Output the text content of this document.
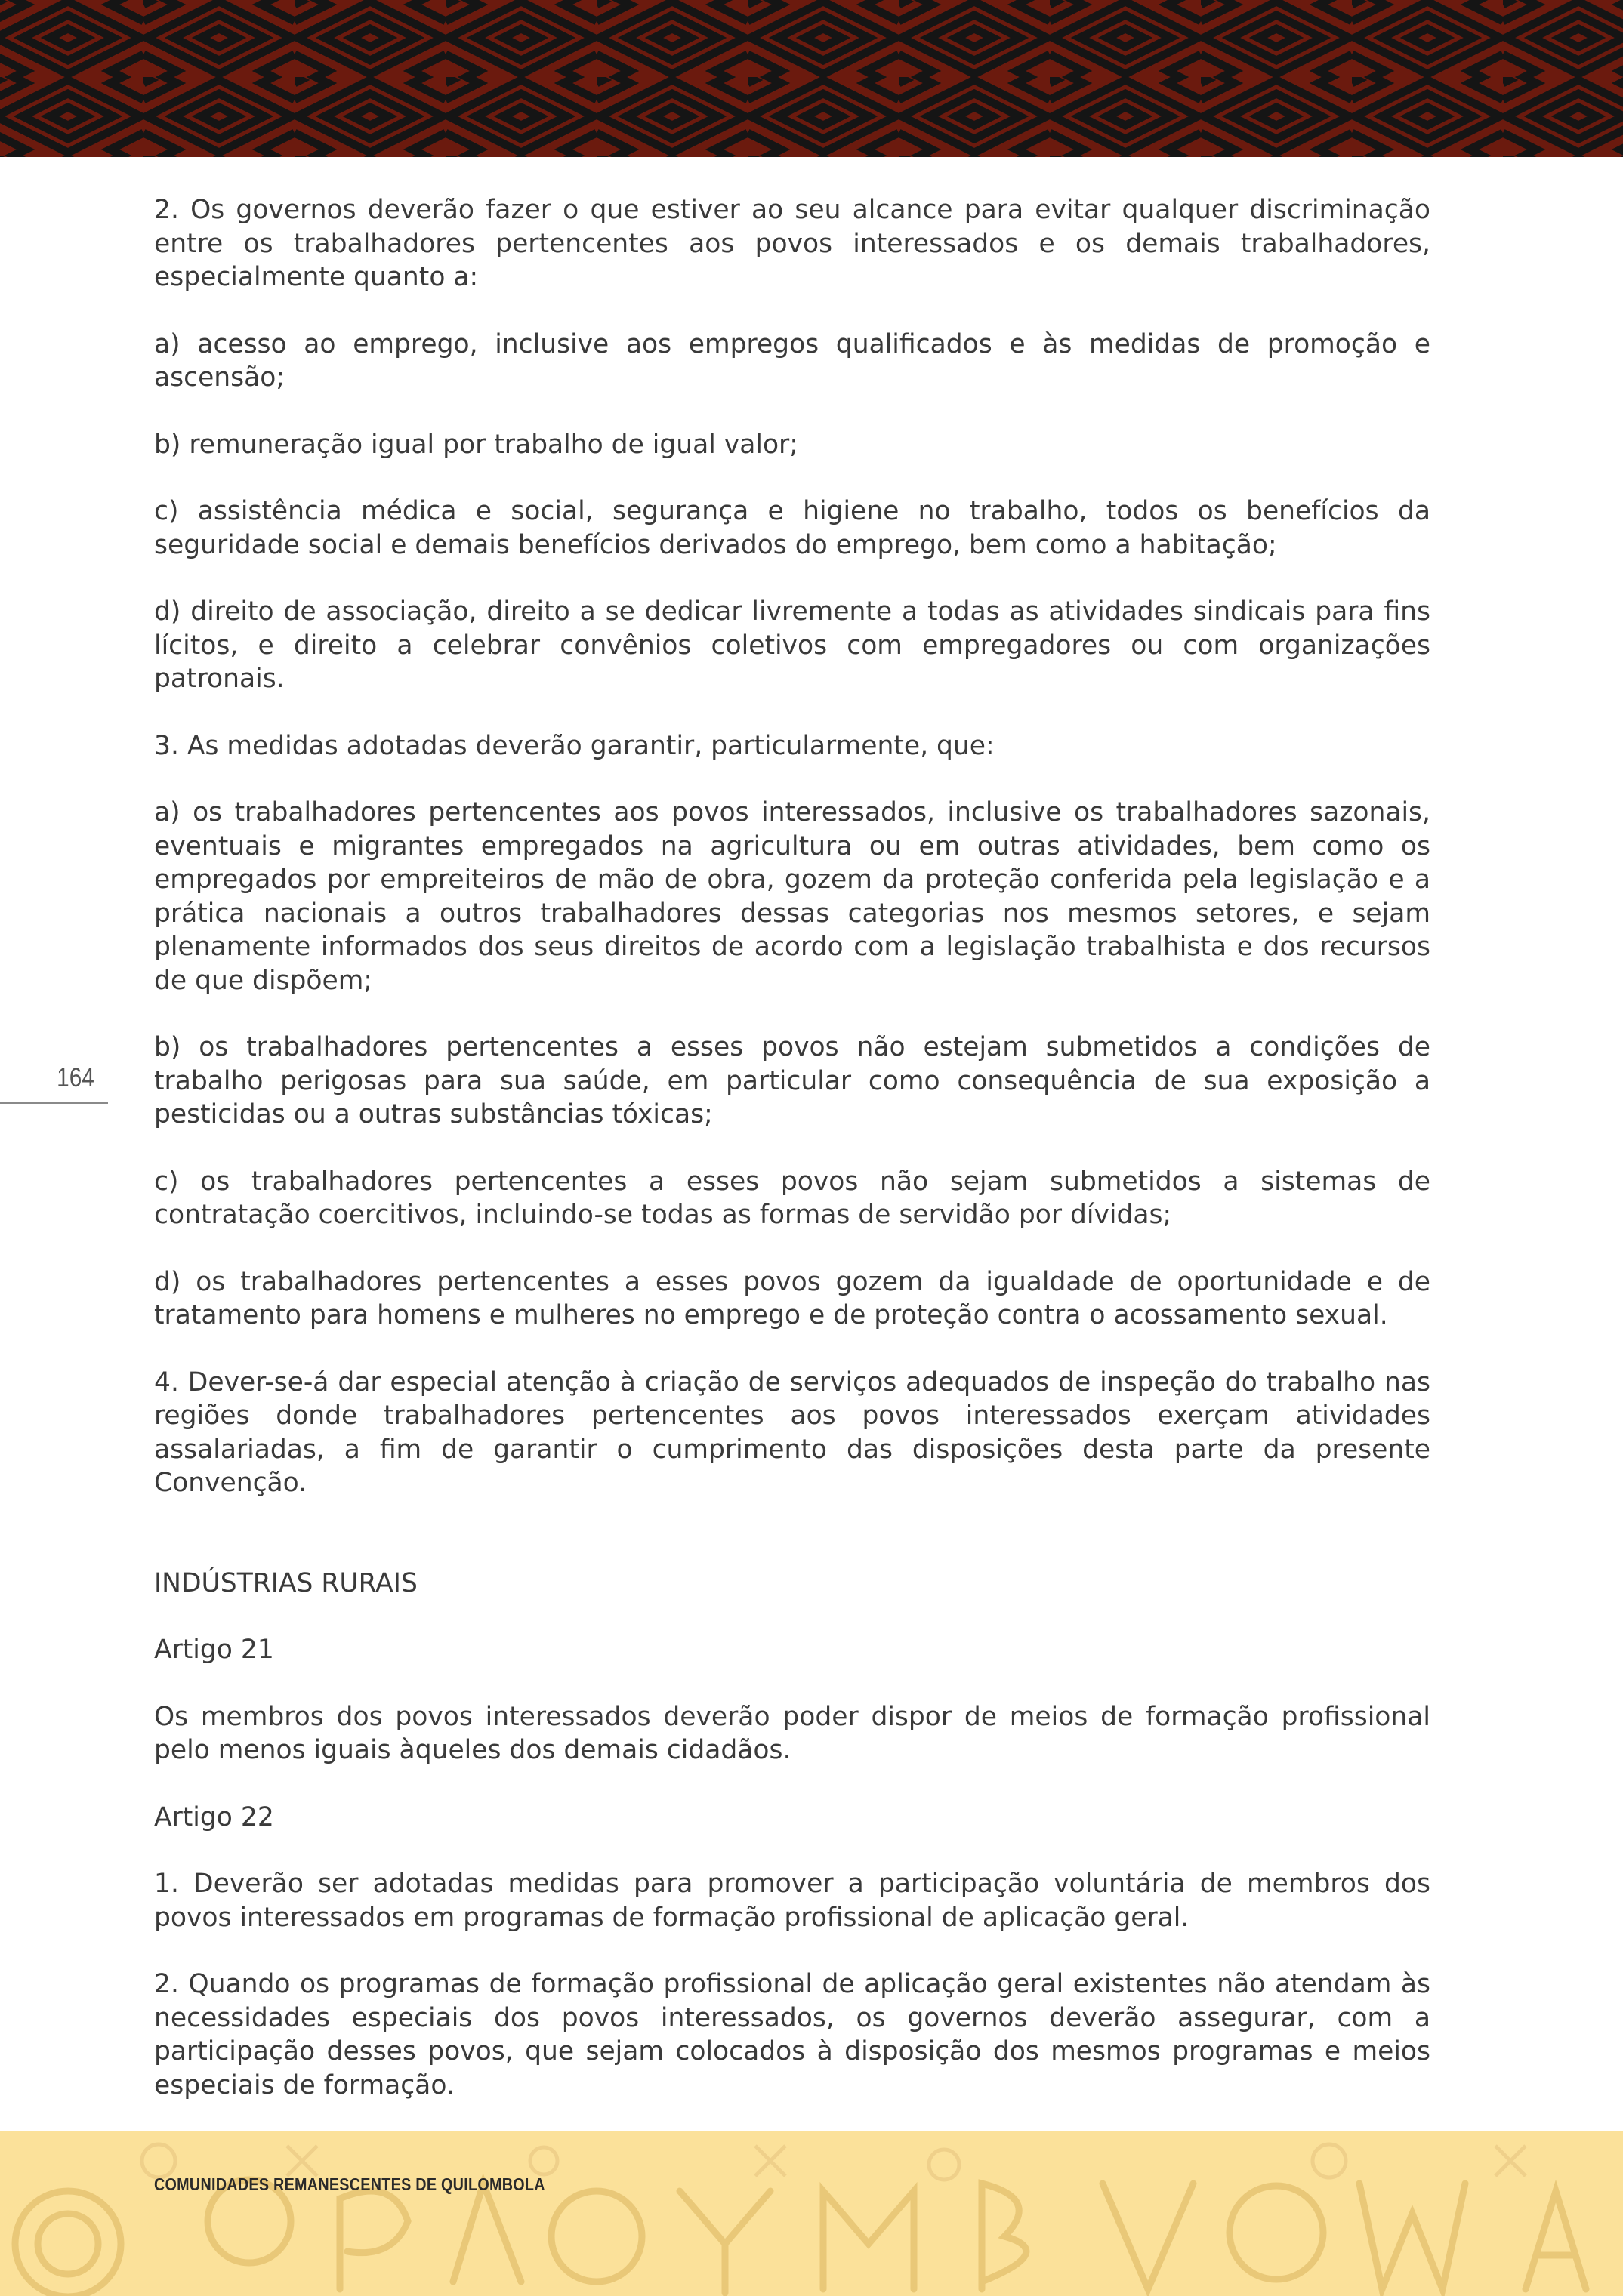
164

2. Os governos deverão fazer o que estiver ao seu alcance para evitar qualquer discriminação entre os trabalhadores pertencentes aos povos interessados e os demais trabalhadores, especialmente quanto a:

a) acesso ao emprego, inclusive aos empregos qualificados e às medidas de promoção e ascensão;

b) remuneração igual por trabalho de igual valor;

c) assistência médica e social, segurança e higiene no trabalho, todos os benefícios da seguridade social e demais benefícios derivados do emprego, bem como a habitação;

d) direito de associação, direito a se dedicar livremente a todas as atividades sindicais para fins lícitos, e direito a celebrar convênios coletivos com empregadores ou com organizações patronais.

3. As medidas adotadas deverão garantir, particularmente, que:

a) os trabalhadores pertencentes aos povos interessados, inclusive os trabalhadores sazonais, eventuais e migrantes empregados na agricultura ou em outras atividades, bem como os empregados por empreiteiros de mão de obra, gozem da proteção conferida pela legislação e a prática nacionais a outros trabalhadores dessas categorias nos mesmos setores, e sejam plenamente informados dos seus direitos de acordo com a legislação trabalhista e dos recursos de que dispõem;

b) os trabalhadores pertencentes a esses povos não estejam submetidos a condições de trabalho perigosas para sua saúde, em particular como consequência de sua exposição a pesticidas ou a outras substâncias tóxicas;

c) os trabalhadores pertencentes a esses povos não sejam submetidos a sistemas de contratação coercitivos, incluindo-se todas as formas de servidão por dívidas;

d) os trabalhadores pertencentes a esses povos gozem da igualdade de oportunidade e de tratamento para homens e mulheres no emprego e de proteção contra o acossamento sexual.

4. Dever-se-á dar especial atenção à criação de serviços adequados de inspeção do trabalho nas regiões donde trabalhadores pertencentes aos povos interessados exerçam atividades assalariadas, a fim de garantir o cumprimento das disposições desta parte da presente Convenção.

INDÚSTRIAS RURAIS

Artigo 21

Os membros dos povos interessados deverão poder dispor de meios de formação profissional pelo menos iguais àqueles dos demais cidadãos.

Artigo 22

1. Deverão ser adotadas medidas para promover a participação voluntária de membros dos povos interessados em programas de formação profissional de aplicação geral.

2. Quando os programas de formação profissional de aplicação geral existentes não atendam às necessidades especiais dos povos interessados, os governos deverão assegurar, com a participação desses povos, que sejam colocados à disposição dos mesmos programas e meios especiais de formação.

COMUNIDADES REMANESCENTES DE QUILOMBOLA
